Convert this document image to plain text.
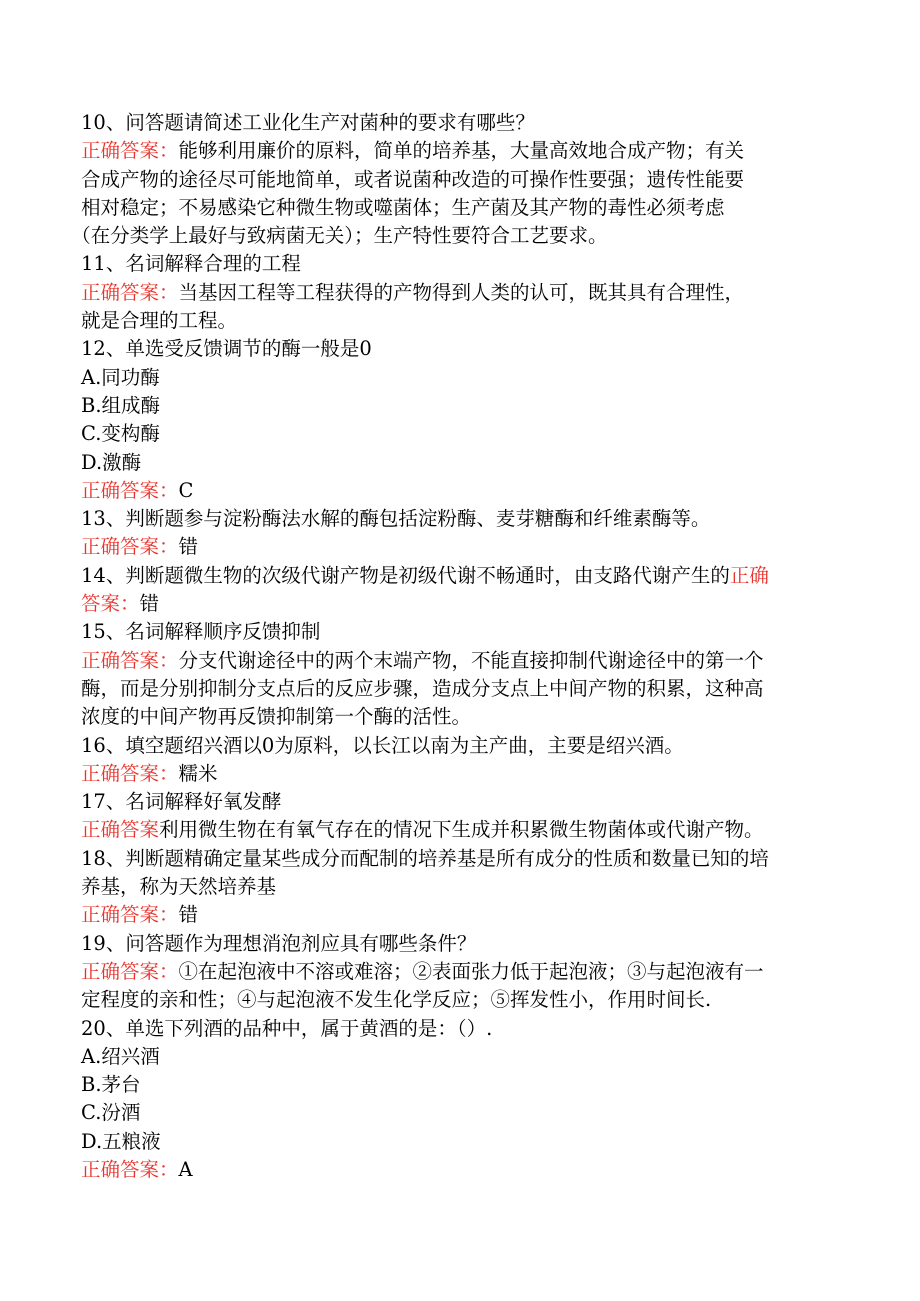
10、问答题请简述工业化生产对菌种的要求有哪些？

正确答案：能够利用廉价的原料，简单的培养基，大量高效地合成产物；有关

合成产物的途径尽可能地简单，或者说菌种改造的可操作性要强；遗传性能要

相对稳定；不易感染它种微生物或噬菌体；生产菌及其产物的毒性必须考虑

（在分类学上最好与致病菌无关）；生产特性要符合工艺要求。

11、名词解释合理的工程

正确答案：当基因工程等工程获得的产物得到人类的认可，既其具有合理性，

就是合理的工程。

12、单选受反馈调节的酶一般是0

A.同功酶

B.组成酶

C.变构酶

D.激酶

正确答案：C

13、判断题参与淀粉酶法水解的酶包括淀粉酶、麦芽糖酶和纤维素酶等。

正确答案：错

14、判断题微生物的次级代谢产物是初级代谢不畅通时，由支路代谢产生的正确

答案：错

15、名词解释顺序反馈抑制

正确答案：分支代谢途径中的两个末端产物，不能直接抑制代谢途径中的第一个

酶，而是分别抑制分支点后的反应步骤，造成分支点上中间产物的积累，这种高

浓度的中间产物再反馈抑制第一个酶的活性。

16、填空题绍兴酒以0为原料，以长江以南为主产曲，主要是绍兴酒。

正确答案：糯米

17、名词解释好氧发酵

正确答案利用微生物在有氧气存在的情况下生成并积累微生物菌体或代谢产物。

18、判断题精确定量某些成分而配制的培养基是所有成分的性质和数量已知的培

养基，称为天然培养基

正确答案：错

19、问答题作为理想消泡剂应具有哪些条件？

正确答案：①在起泡液中不溶或难溶；②表面张力低于起泡液；③与起泡液有一

定程度的亲和性；④与起泡液不发生化学反应；⑤挥发性小，作用时间长.

20、单选下列酒的品种中，属于黄酒的是：（）.

A.绍兴酒

B.茅台

C.汾酒

D.五粮液

正确答案：A
